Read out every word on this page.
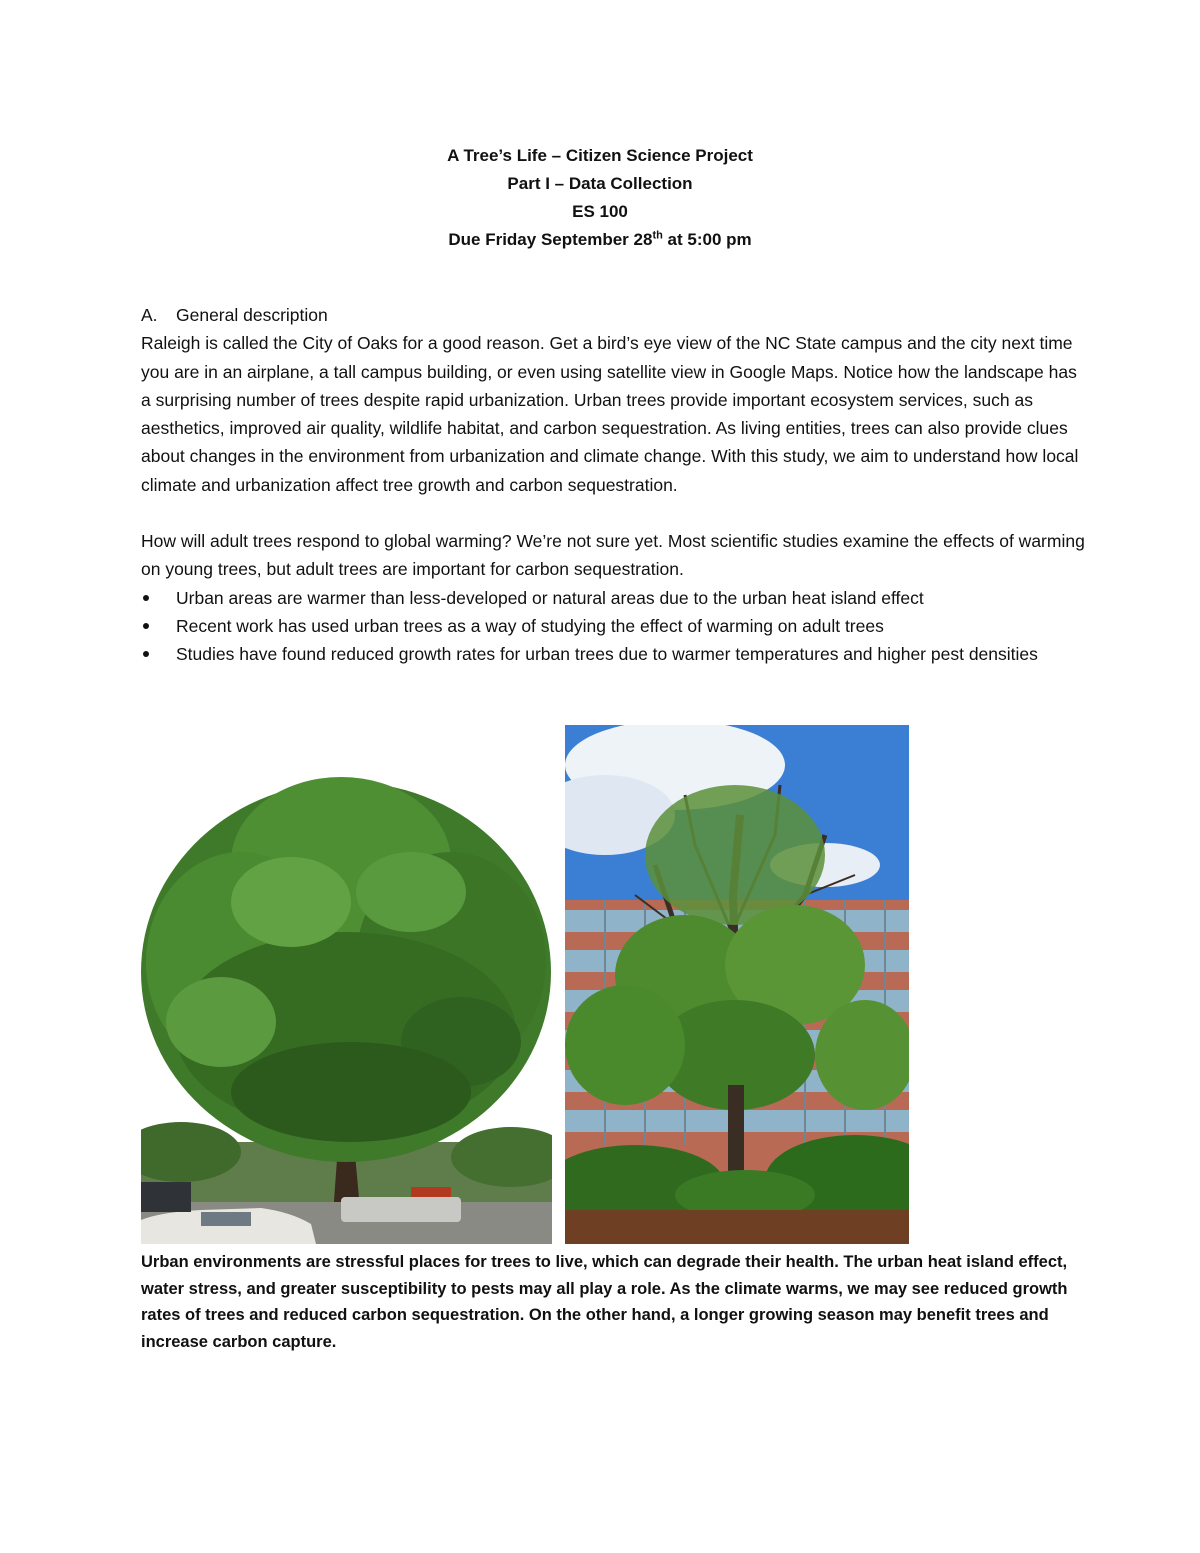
A Tree’s Life – Citizen Science Project
Part I – Data Collection
ES 100
Due Friday September 28th at 5:00 pm
A.	General description

Raleigh is called the City of Oaks for a good reason. Get a bird’s eye view of the NC State campus and the city next time you are in an airplane, a tall campus building, or even using satellite view in Google Maps. Notice how the landscape has a surprising number of trees despite rapid urbanization. Urban trees provide important ecosystem services, such as aesthetics, improved air quality, wildlife habitat, and carbon sequestration. As living entities, trees can also provide clues about changes in the environment from urbanization and climate change. With this study, we aim to understand how local climate and urbanization affect tree growth and carbon sequestration.

How will adult trees respond to global warming? We’re not sure yet. Most scientific studies examine the effects of warming on young trees, but adult trees are important for carbon sequestration.

Urban areas are warmer than less-developed or natural areas due to the urban heat island effect
Recent work has used urban trees as a way of studying the effect of warming on adult trees
Studies have found reduced growth rates for urban trees due to warmer temperatures and higher pest densities
Urban environments are stressful places for trees to live, which can degrade their health. The urban heat island effect, water stress, and greater susceptibility to pests may all play a role. As the climate warms, we may see reduced growth rates of trees and reduced carbon sequestration. On the other hand, a longer growing season may benefit trees and increase carbon capture.
